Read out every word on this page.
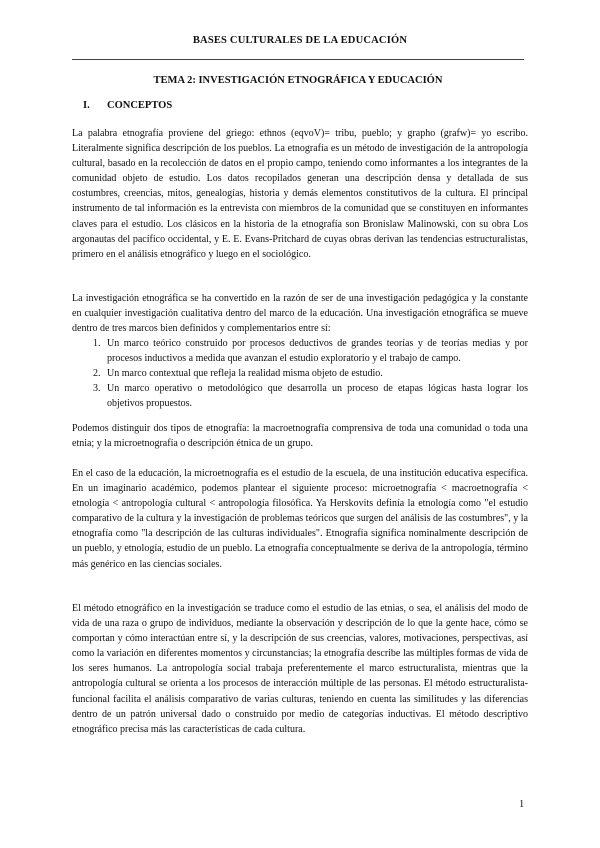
BASES CULTURALES DE LA EDUCACIÓN
TEMA 2: INVESTIGACIÓN ETNOGRÁFICA Y EDUCACIÓN
I. CONCEPTOS

La palabra etnografía proviene del griego: ethnos (eqvoV)= tribu, pueblo; y grapho (grafw)= yo escribo. Literalmente significa descripción de los pueblos. La etnografía es un método de investigación de la antropología cultural, basado en la recolección de datos en el propio campo, teniendo como informantes a los integrantes de la comunidad objeto de estudio. Los datos recopilados generan una descripción densa y detallada de sus costumbres, creencias, mitos, genealogías, historia y demás elementos constitutivos de la cultura. El principal instrumento de tal información es la entrevista con miembros de la comunidad que se constituyen en informantes claves para el estudio. Los clásicos en la historia de la etnografía son Bronislaw Malinowski, con su obra Los argonautas del pacífico occidental, y E. E. Evans-Pritchard de cuyas obras derivan las tendencias estructuralistas, primero en el análisis etnográfico y luego en el sociológico.

La investigación etnográfica se ha convertido en la razón de ser de una investigación pedagógica y la constante en cualquier investigación cualitativa dentro del marco de la educación. Una investigación etnográfica se mueve dentro de tres marcos bien definidos y complementarios entre sí:

1. Un marco teórico construido por procesos deductivos de grandes teorías y de teorías medias y por procesos inductivos a medida que avanzan el estudio exploratorio y el trabajo de campo.
2. Un marco contextual que refleja la realidad misma objeto de estudio.
3. Un marco operativo o metodológico que desarrolla un proceso de etapas lógicas hasta lograr los objetivos propuestos.

Podemos distinguir dos tipos de etnografía: la macroetnografía comprensiva de toda una comunidad o toda una etnia; y la microetnografía o descripción étnica de un grupo.

En el caso de la educación, la microetnografía es el estudio de la escuela, de una institución educativa específica. En un imaginario académico, podemos plantear el siguiente proceso: microetnografía < macroetnografía < etnología < antropología cultural < antropología filosófica. Ya Herskovits definía la etnología como "el estudio comparativo de la cultura y la investigación de problemas teóricos que surgen del análisis de las costumbres", y la etnografía como "la descripción de las culturas individuales". Etnografía significa nominalmente descripción de un pueblo, y etnología, estudio de un pueblo. La etnografía conceptualmente se deriva de la antropología, término más genérico en las ciencias sociales.

El método etnográfico en la investigación se traduce como el estudio de las etnias, o sea, el análisis del modo de vida de una raza o grupo de individuos, mediante la observación y descripción de lo que la gente hace, cómo se comportan y cómo interactúan entre sí, y la descripción de sus creencias, valores, motivaciones, perspectivas, así como la variación en diferentes momentos y circunstancias; la etnografía describe las múltiples formas de vida de los seres humanos. La antropología social trabaja preferentemente el marco estructuralista, mientras que la antropología cultural se orienta a los procesos de interacción múltiple de las personas. El método estructuralista-funcional facilita el análisis comparativo de varias culturas, teniendo en cuenta las similitudes y las diferencias dentro de un patrón universal dado o construido por medio de categorías inductivas. El método descriptivo etnográfico precisa más las características de cada cultura.

1
